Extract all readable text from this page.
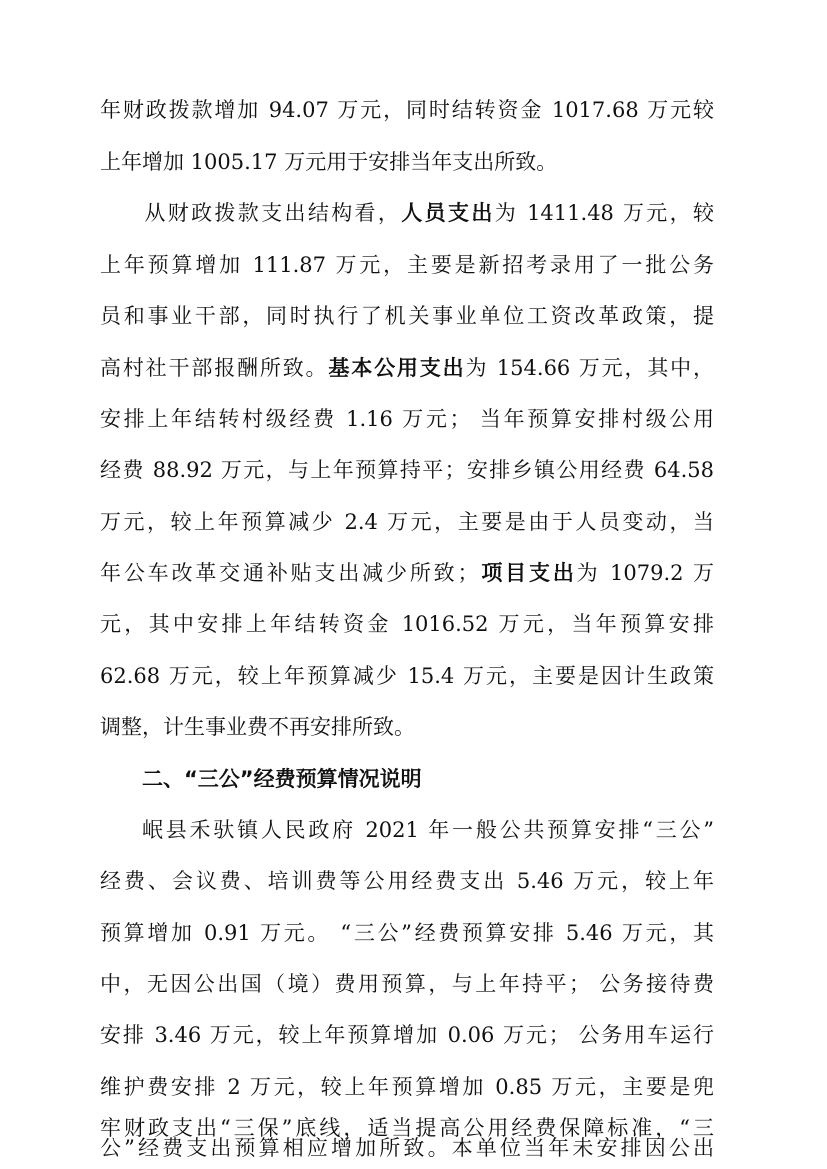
年财政拨款增加 94.07 万元，同时结转资金 1017.68 万元较
上年增加 1005.17 万元用于安排当年支出所致。
从财政拨款支出结构看，人员支出为 1411.48 万元，较
上年预算增加 111.87 万元，主要是新招考录用了一批公务
员和事业干部，同时执行了机关事业单位工资改革政策，提
高村社干部报酬所致。基本公用支出为 154.66 万元，其中，
安排上年结转村级经费 1.16 万元； 当年预算安排村级公用
经费 88.92 万元，与上年预算持平；安排乡镇公用经费 64.58
万元，较上年预算减少 2.4 万元，主要是由于人员变动，当
年公车改革交通补贴支出减少所致；项目支出为 1079.2 万
元，其中安排上年结转资金 1016.52 万元，当年预算安排
62.68 万元，较上年预算减少 15.4 万元，主要是因计生政策
调整，计生事业费不再安排所致。
二、“三公”经费预算情况说明
岷县禾驮镇人民政府 2021 年一般公共预算安排“三公”
经费、会议费、培训费等公用经费支出 5.46 万元，较上年
预算增加 0.91 万元。 “三公”经费预算安排 5.46 万元，其
中，无因公出国（境）费用预算，与上年持平； 公务接待费
安排 3.46 万元，较上年预算增加 0.06 万元； 公务用车运行
维护费安排 2 万元，较上年预算增加 0.85 万元，主要是兜
牢财政支出“三保”底线，适当提高公用经费保障标准，“三
公”经费支出预算相应增加所致。本单位当年未安排因公出
